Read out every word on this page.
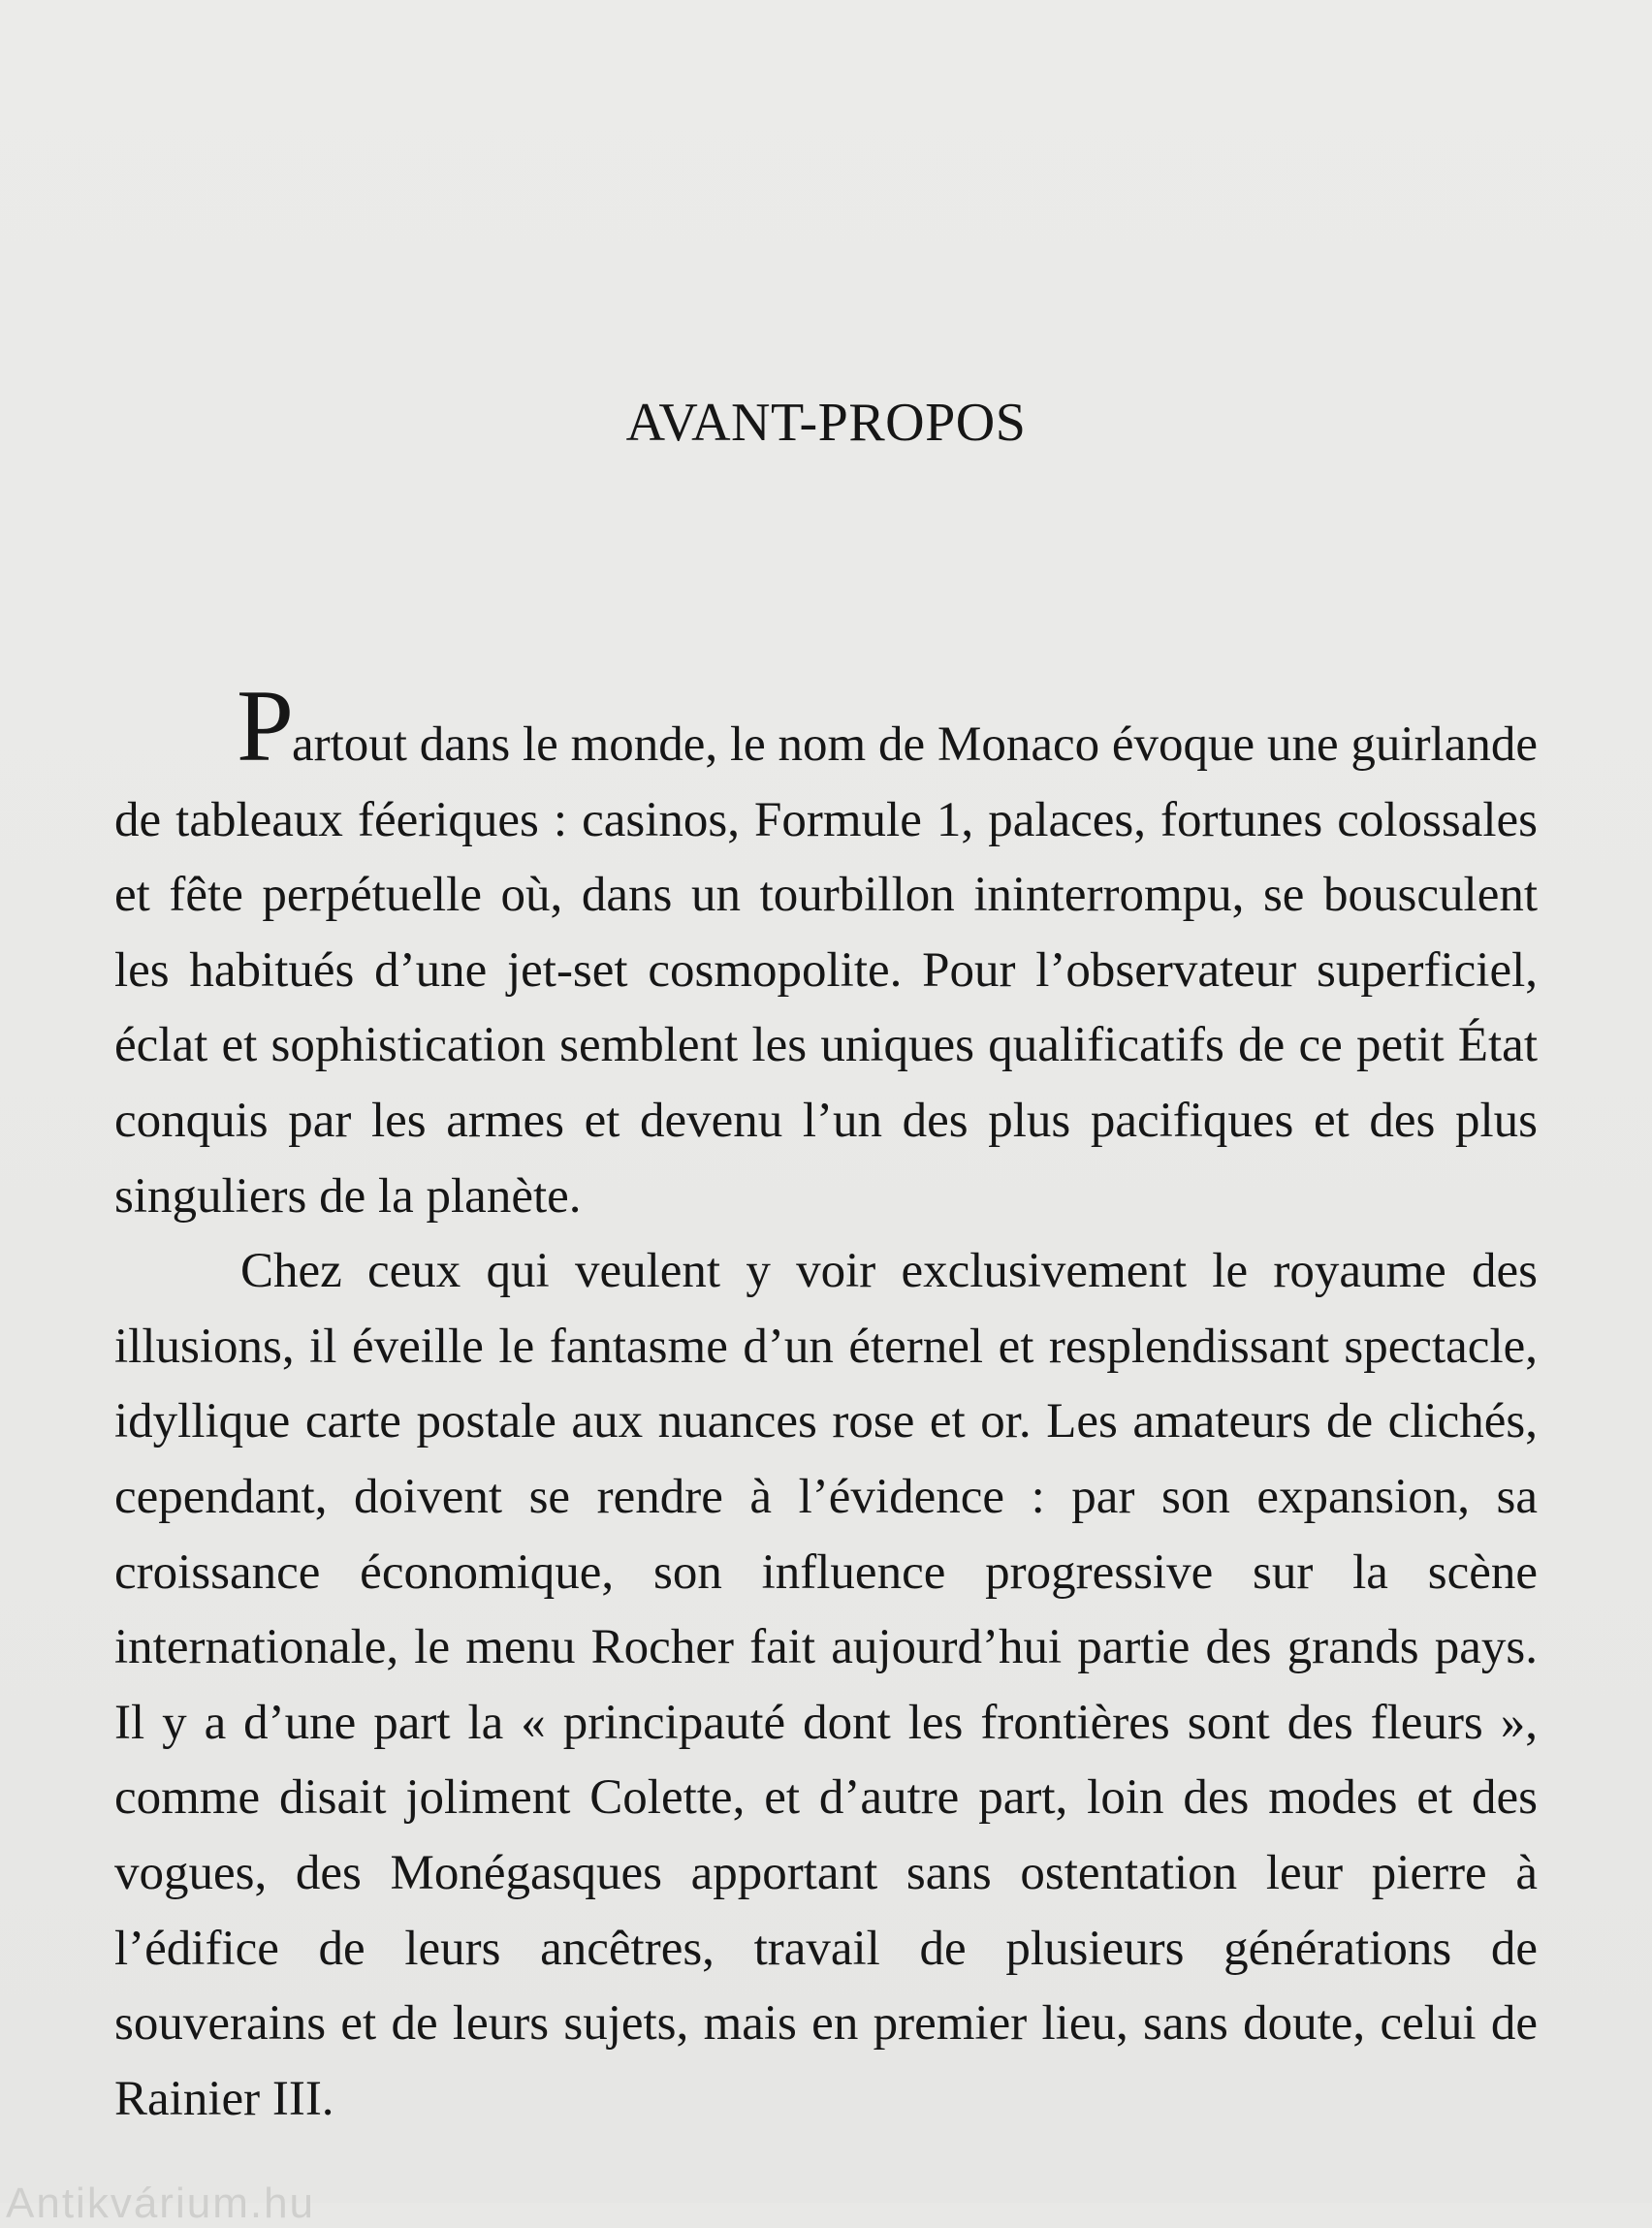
AVANT-PROPOS

Partout dans le monde, le nom de Monaco évoque une guirlande de tableaux féeriques : casinos, Formule 1, palaces, fortunes colossales et fête perpétuelle où, dans un tourbillon ininterrompu, se bousculent les habitués d’une jet-set cosmopolite. Pour l’observateur superficiel, éclat et sophistication semblent les uniques qualificatifs de ce petit État conquis par les armes et devenu l’un des plus pacifiques et des plus singuliers de la planète.

Chez ceux qui veulent y voir exclusivement le royaume des illusions, il éveille le fantasme d’un éternel et resplendissant spectacle, idyllique carte postale aux nuances rose et or. Les amateurs de clichés, cependant, doivent se rendre à l’évidence : par son expansion, sa croissance économique, son influence progressive sur la scène internationale, le menu Rocher fait aujourd’hui partie des grands pays. Il y a d’une part la « principauté dont les frontières sont des fleurs », comme disait joliment Colette, et d’autre part, loin des modes et des vogues, des Monégasques apportant sans ostentation leur pierre à l’édifice de leurs ancêtres, travail de plusieurs générations de souverains et de leurs sujets, mais en premier lieu, sans doute, celui de Rainier III.

Antikvárium.hu
